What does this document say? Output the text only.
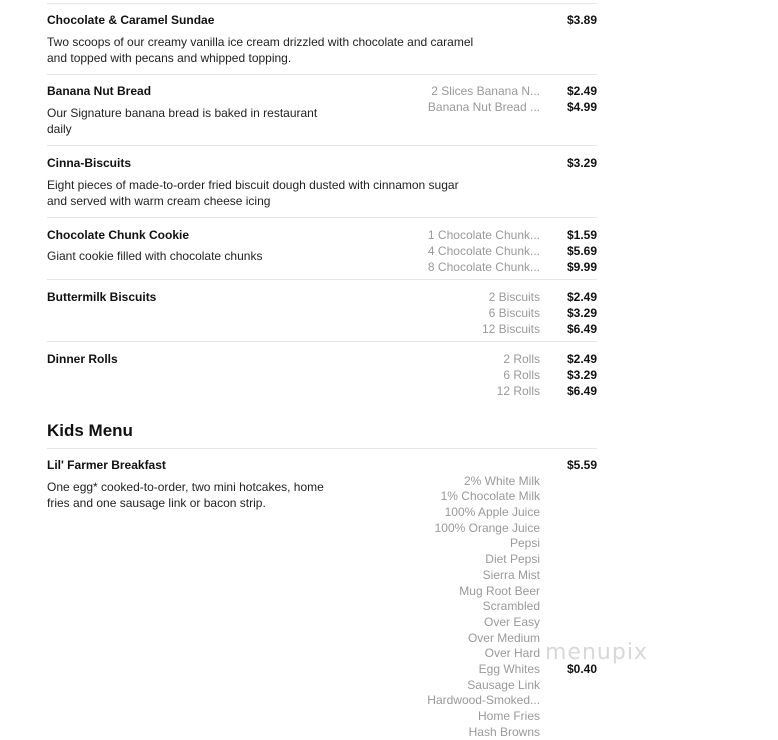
Chocolate & Caramel Sundae	$3.89
Two scoops of our creamy vanilla ice cream drizzled with chocolate and caramel
and topped with pecans and whipped topping.
Banana Nut Bread	2 Slices Banana N... $2.49
Banana Nut Bread ... $4.99
Our Signature banana bread is baked in restaurant
daily
Cinna-Biscuits	$3.29
Eight pieces of made-to-order fried biscuit dough dusted with cinnamon sugar
and served with warm cream cheese icing
Chocolate Chunk Cookie
Giant cookie filled with chocolate chunks
1 Chocolate Chunk... $1.59
4 Chocolate Chunk... $5.69
8 Chocolate Chunk... $9.99
Buttermilk Biscuits	2 Biscuits $2.49
6 Biscuits $3.29
12 Biscuits $6.49
Dinner Rolls	2 Rolls $2.49
6 Rolls $3.29
12 Rolls $6.49
Kids Menu
Lil' Farmer Breakfast	$5.59
One egg* cooked-to-order, two mini hotcakes, home
fries and one sausage link or bacon strip.
2% White Milk
1% Chocolate Milk
100% Apple Juice
100% Orange Juice
Pepsi
Diet Pepsi
Sierra Mist
Mug Root Beer
Scrambled
Over Easy
Over Medium
Over Hard
Egg Whites $0.40
Sausage Link
Hardwood-Smoked...
Home Fries
Hash Browns
menupix
